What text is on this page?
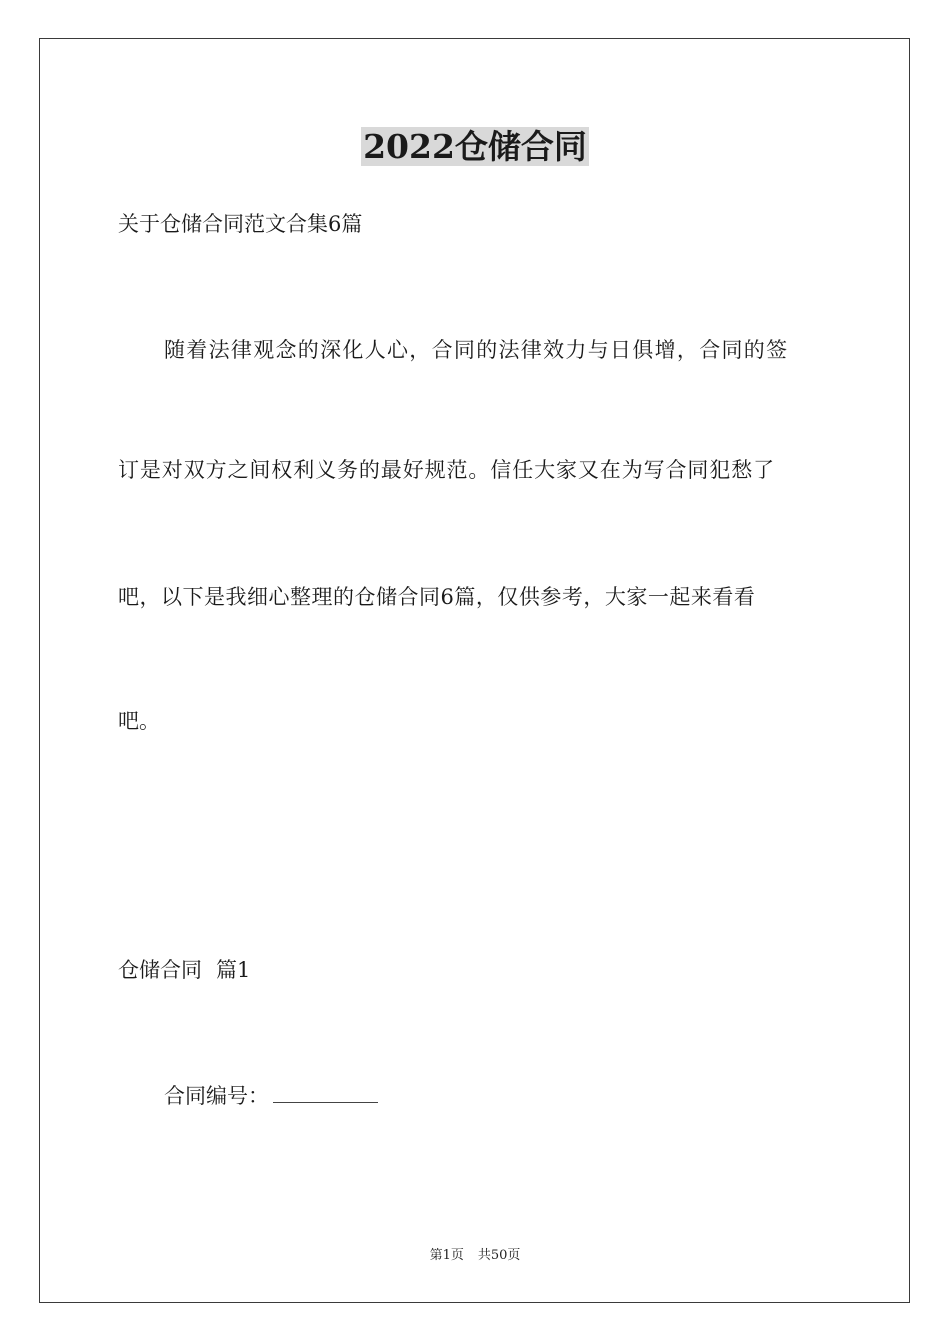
2022仓储合同

关于仓储合同范文合集6篇

随着法律观念的深化人心，合同的法律效力与日俱增，合同的签

订是对双方之间权利义务的最好规范。信任大家又在为写合同犯愁了

吧，以下是我细心整理的仓储合同6篇，仅供参考，大家一起来看看

吧。

仓储合同 篇1

合同编号：

第1页 共50页
